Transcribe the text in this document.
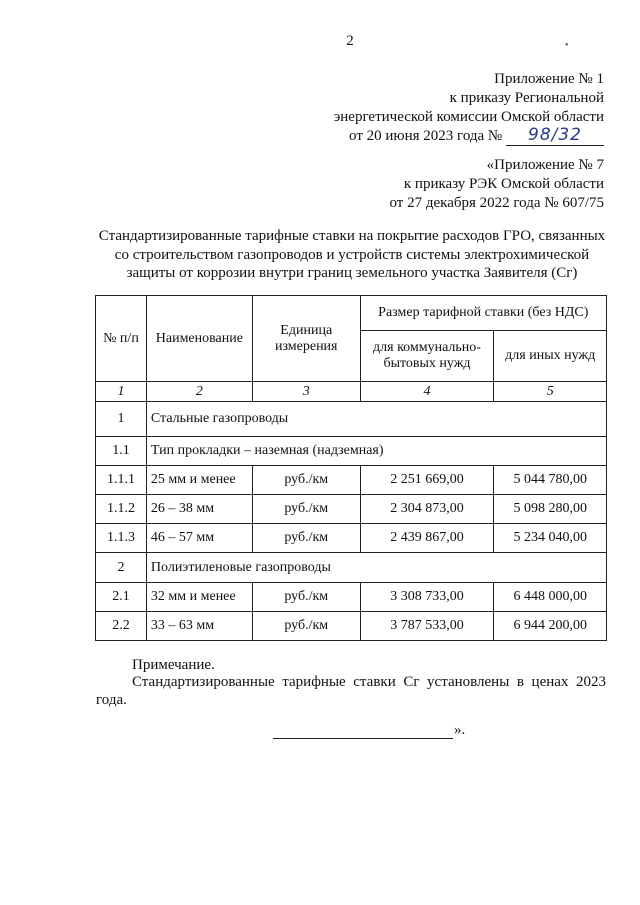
2	•
Приложение № 1
к приказу Региональной
энергетической комиссии Омской области
от 20 июня 2023 года № 98/32
«Приложение № 7
к приказу РЭК Омской области
от 27 декабря 2022 года № 607/75
Стандартизированные тарифные ставки на покрытие расходов ГРО, связанных
со строительством газопроводов и устройств системы электрохимической
защиты от коррозии внутри границ земельного участка Заявителя (Сг)
№ п/п	Наименование	Единица измерения	Размер тарифной ставки (без НДС)	
			для коммунально-бытовых нужд	для иных нужд
1	2	3	4	5
1	Стальные газопроводы			
1.1	Тип прокладки – наземная (надземная)			
1.1.1	25 мм и менее	руб./км	2 251 669,00	5 044 780,00
1.1.2	26 – 38 мм	руб./км	2 304 873,00	5 098 280,00
1.1.3	46 – 57 мм	руб./км	2 439 867,00	5 234 040,00
2	Полиэтиленовые газопроводы			
2.1	32 мм и менее	руб./км	3 308 733,00	6 448 000,00
2.2	33 – 63 мм	руб./км	3 787 533,00	6 944 200,00
Примечание.
Стандартизированные тарифные ставки Сг установлены в ценах 2023
года.
».
